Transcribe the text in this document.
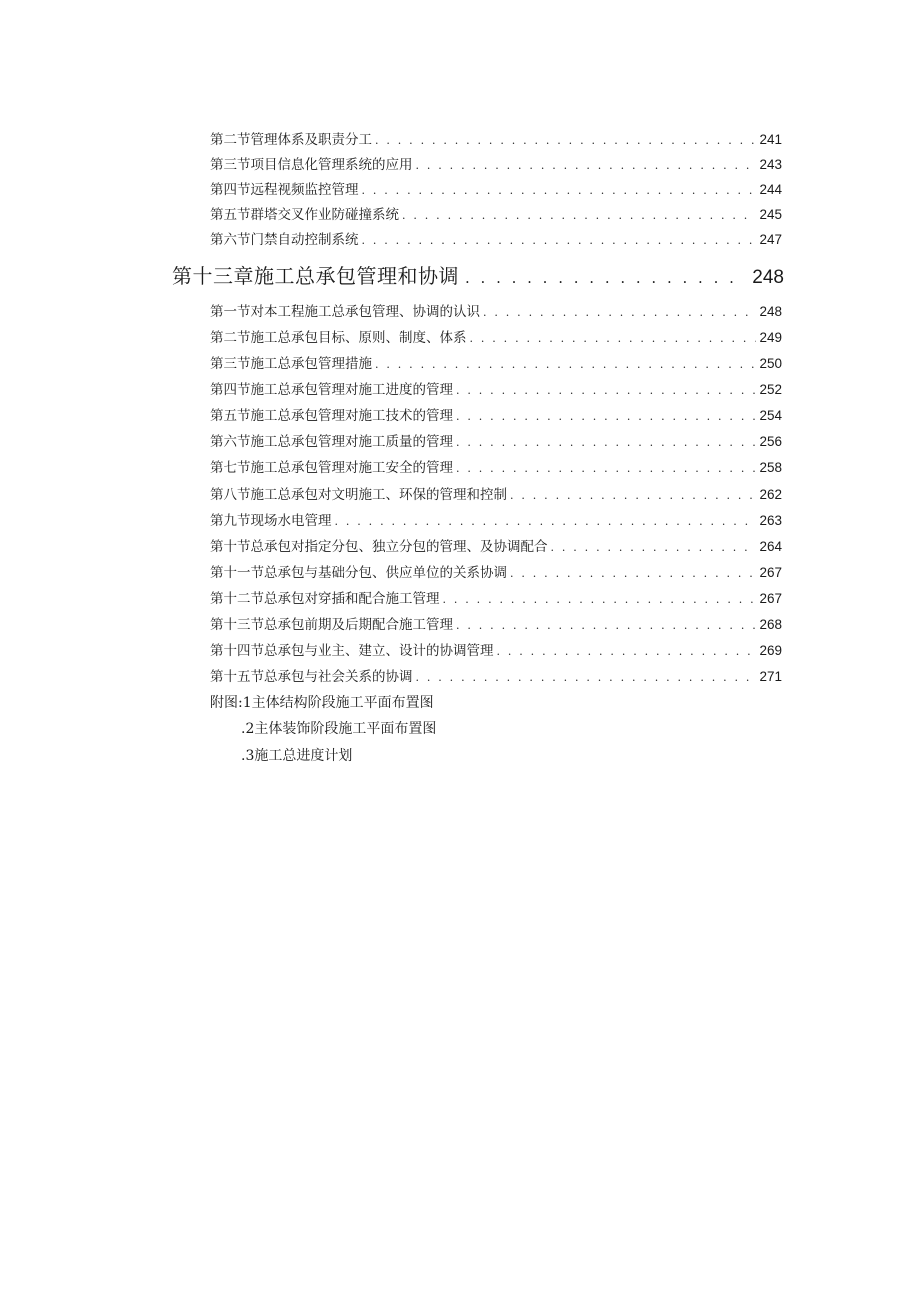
第二节管理体系及职责分工 . . .	241
第三节项目信息化管理系统的应用 . . .	243
第四节远程视频监控管理 . . .	244
第五节群塔交叉作业防碰撞系统 . . .	245
第六节门禁自动控制系统 . . .	247
第十三章施工总承包管理和协调 . . .	248
第一节对本工程施工总承包管理、协调的认识 . . .	248
第二节施工总承包目标、原则、制度、体系 . . .	249
第三节施工总承包管理措施 . . .	250
第四节施工总承包管理对施工进度的管理 . . .	252
第五节施工总承包管理对施工技术的管理 . . .	254
第六节施工总承包管理对施工质量的管理 . . .	256
第七节施工总承包管理对施工安全的管理 . . .	258
第八节施工总承包对文明施工、环保的管理和控制 . . .	262
第九节现场水电管理 . . .	263
第十节总承包对指定分包、独立分包的管理、及协调配合 . . .	264
第十一节总承包与基础分包、供应单位的关系协调 . . .	267
第十二节总承包对穿插和配合施工管理 . . .	267
第十三节总承包前期及后期配合施工管理 . . .	268
第十四节总承包与业主、建立、设计的协调管理 . . .	269
第十五节总承包与社会关系的协调 . . .	271
附图:1主体结构阶段施工平面布置图
.2主体装饰阶段施工平面布置图
.3施工总进度计划
